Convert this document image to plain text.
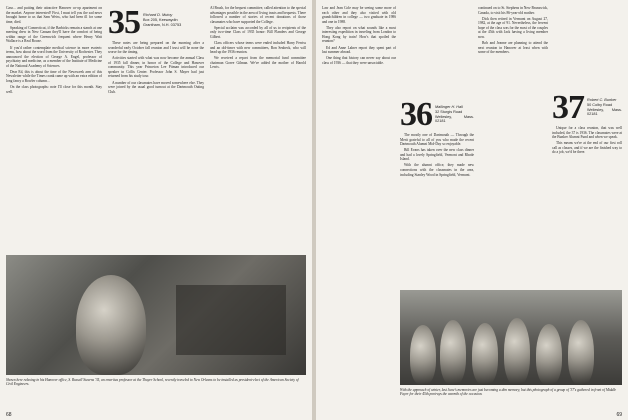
Caso... and putting their attractive Hanover co-op apartment on the market. Anyone interested? First, I must tell you the sad news brought home to us that Sam Weiss, who had been ill for some time, died.

Speaking of Connecticut, if the Barbicks remain a stanch at one meeting drew in New Canaan they'll have the comfort of being within range of the Greenwich frequent where Henry Watt Wallace is a Real Booze.

If you'd rather contemplate medical science in more esoteric terms, how about the word from the University of Rochester. They announced the election of George A. Engel, professor of psychiatry and medicine, as a member of the Institute of Medicine of the National Academy of Sciences.

Dear Ed, this is about the time of the Newsweek arm of this Newsletter while the Times crank came up with an extra edition of long fancy a Bowler column...

On the class photographs: note I'll close for this month. Stay well.

35 Richard D. Mutoy
Box 205, Keewaydin
Grantham, N.H. 03753

These notes are being prepared on the morning after a wonderful early October fall reunion and I trust will be none the worse for the timing.

Activities started with what was now become the annual Class of 1935 fall dinner, in honor of the College and Hanover community. This year Princeton Lee Pitman introduced our speaker in Collis Center. Professor John S. Mayer had just returned from his study tour.

A number of our classmates have moved somewhere else. They were joined by the usual good turnout at the Dartmouth Outing Club.

Al Brush, for the bequest committee, called attention to the special advantages possible in the area of living trusts and bequests. There followed a number of stories of recent donations of those classmates who have supported the College.

Special acclaim was accorded by all of us to recipients of the only two-time Class of 1935 honor: Bill Flanders and George Gilbert.

Class officers whose terms were ended included Harry Ferriss and an old-timer with new committees, Ron Seabeck, who will head up the 1936 reunion.

We received a report from the memorial fund committee chairman Goree Gilman. We've added the mother of Harold Lewis.

Shown here relaxing in his Hanover office, S. Russell Stearns '35, an emeritus professor at the Thayer School, recently traveled to New Orleans to be installed as president-elect of the American Society of Civil Engineers.
68

Law and Jean Cole may be seeing some more of each other and they also visited with old grandchildren in college — two graduate in 1986 and one in 1988.

They also report on what sounds like a most interesting expedition in traveling from London to Hong Kong by train! How's that spoiled the reunion?

Ed and Anne Lalner report they spent part of last summer abroad.

One thing that history can never say about our class of 1936 — that they were unsociable.

36 Mallinger H. Hall
32 Sturgis Road
Wellesley, Mass. 02181

The mostly one of Dartmouth — Through the Merit grateful to all of you who made the recent Dartmouth Alumni Mid-Day so enjoyable.

Bill Evans has taken over the new class dinner and had a lovely Springfield, Vermont and Rhode Island.

With the alumni office, they made new connections with the classmates in the area, including Stanley Wood in Springfield, Vermont.

continued on to St. Stephens in New Brunswick, Canada, to visit his 86-year-old mother.

Dick then retired in Vermont on August 27, 1982, at the age of 91. Nevertheless, the fervent hope of the class was for the most of the couples at the 45th with Jack having a living member now.

Bob and Jeanne are planning to attend the next reunion in Hanover at least when with some of the members.

37 Robert C. Bunker
50 Colby Road
Wellesley, Mass. 02181

Unique for a class reunion, that was well included, the 37 is 1936. The classmates were at the Bunker Alumni Fund and when we speak.

This means we're at the end of our first roll call as classes, and if we are the finished way to do a job, we'd be there.

With the approach of winter, last June's memories are just becoming a dim memory, but this photograph of a group of '37's gathered in front of Middle Fayer for their 45th portrays the warmth of the occasion.
69
